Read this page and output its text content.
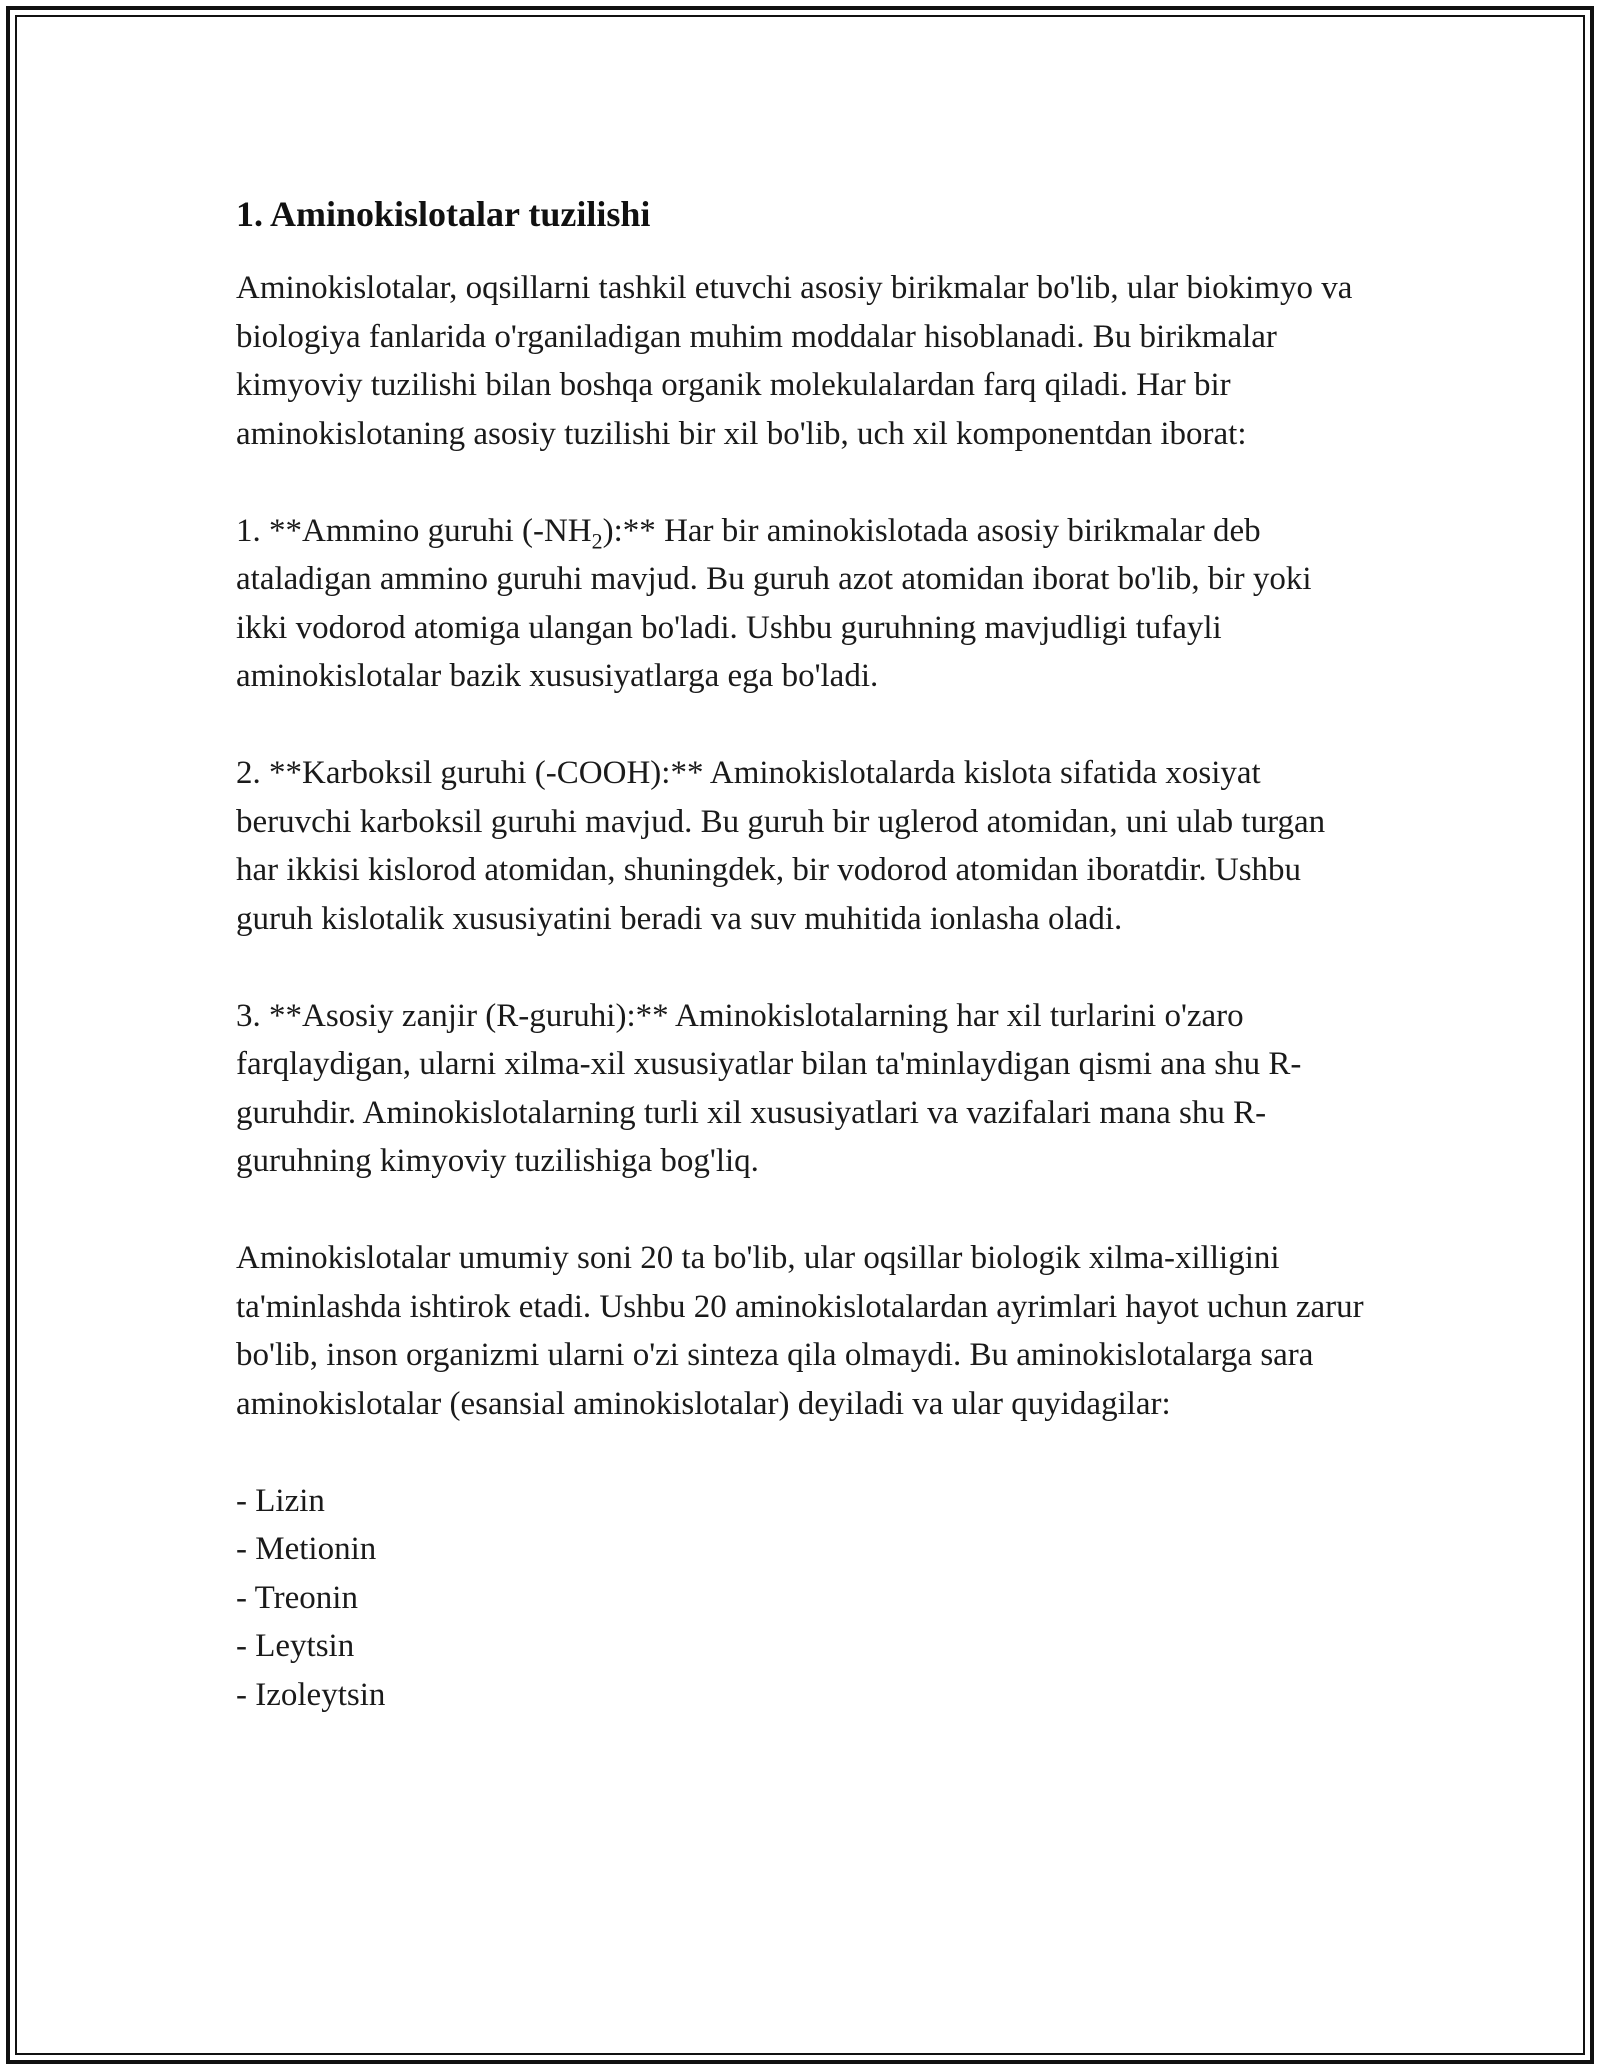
1. Aminokislotalar tuzilishi

Aminokislotalar, oqsillarni tashkil etuvchi asosiy birikmalar bo'lib, ular biokimyo va biologiya fanlarida o'rganiladigan muhim moddalar hisoblanadi. Bu birikmalar kimyoviy tuzilishi bilan boshqa organik molekulalardan farq qiladi. Har bir aminokislotaning asosiy tuzilishi bir xil bo'lib, uch xil komponentdan iborat:

1. **Ammino guruhi $(-NH_2):**$ Har bir aminokislotada asosiy birikmalar deb ataladigan ammino guruhi mavjud. Bu guruh azot atomidan iborat bo'lib, bir yoki ikki vodorod atomiga ulangan bo'ladi. Ushbu guruhning mavjudligi tufayli aminokislotalar bazik xususiyatlarga ega bo'ladi.

2. **Karboksil guruhi (-COOH):** Aminokislotalarda kislota sifatida xosiyat beruvchi karboksil guruhi mavjud. Bu guruh bir uglerod atomidan, uni ulab turgan har ikkisi kislorod atomidan, shuningdek, bir vodorod atomidan iboratdir. Ushbu guruh kislotalik xususiyatini beradi va suv muhitida ionlasha oladi.

3. **Asosiy zanjir (R-guruhi):** Aminokislotalarning har xil turlarini o'zaro farqlaydigan, ularni xilma-xil xususiyatlar bilan ta'minlaydigan qismi ana shu R-guruhdir. Aminokislotalarning turli xil xususiyatlari va vazifalari mana shu R-guruhning kimyoviy tuzilishiga bog'liq.

Aminokislotalar umumiy soni 20 ta bo'lib, ular oqsillar biologik xilma-xilligini ta'minlashda ishtirok etadi. Ushbu 20 aminokislotalardan ayrimlari hayot uchun zarur bo'lib, inson organizmi ularni o'zi sinteza qila olmaydi. Bu aminokislotalarga sara aminokislotalar (esansial aminokislotalar) deyiladi va ular quyidagilar:

- Lizin
- Metionin
- Treonin
- Leytsin
- Izoleytsin
